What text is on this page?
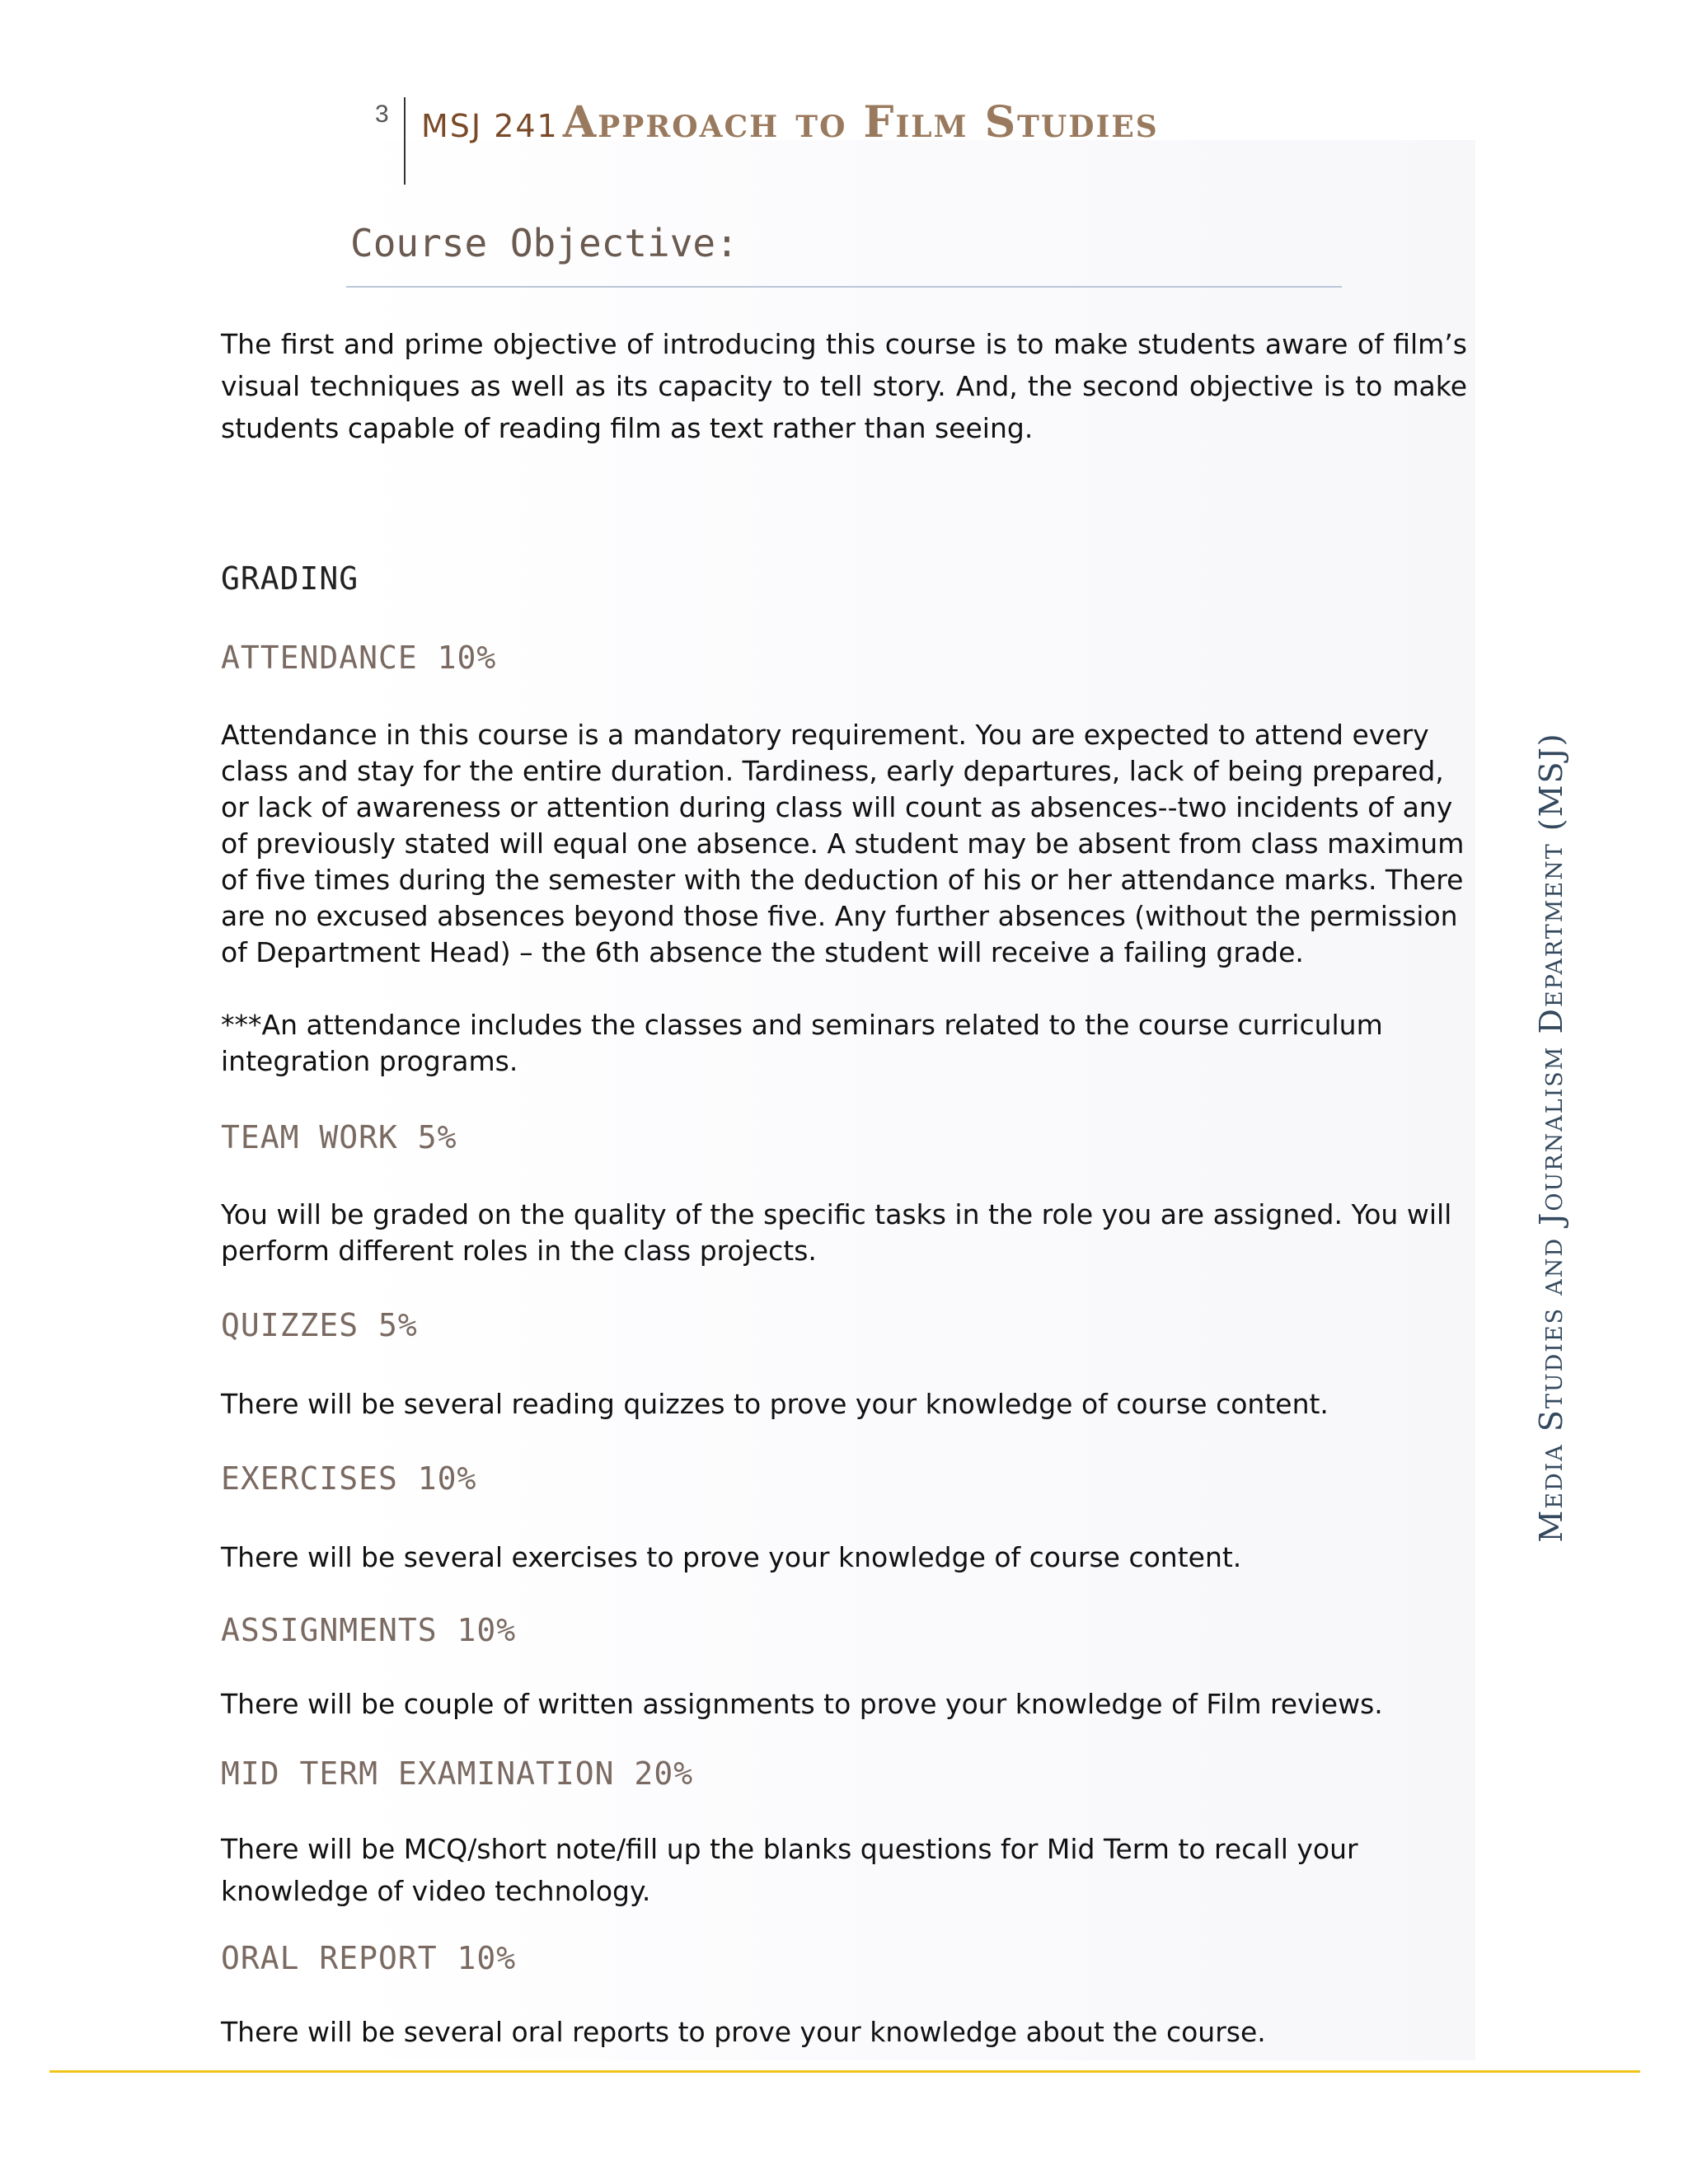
3 MSJ 241 Approach to Film Studies
Course Objective:
The first and prime objective of introducing this course is to make students aware of film’s visual techniques as well as its capacity to tell story. And, the second objective is to make students capable of reading film as text rather than seeing.
GRADING
ATTENDANCE 10%
Attendance in this course is a mandatory requirement. You are expected to attend every class and stay for the entire duration. Tardiness, early departures, lack of being prepared, or lack of awareness or attention during class will count as absences--two incidents of any of previously stated will equal one absence. A student may be absent from class maximum of five times during the semester with the deduction of his or her attendance marks. There are no excused absences beyond those five. Any further absences (without the permission of Department Head) – the 6th absence the student will receive a failing grade.
***An attendance includes the classes and seminars related to the course curriculum integration programs.
TEAM WORK 5%
You will be graded on the quality of the specific tasks in the role you are assigned. You will perform different roles in the class projects.
QUIZZES 5%
There will be several reading quizzes to prove your knowledge of course content.
EXERCISES 10%
There will be several exercises to prove your knowledge of course content.
ASSIGNMENTS 10%
There will be couple of written assignments to prove your knowledge of Film reviews.
MID TERM EXAMINATION 20%
There will be MCQ/short note/fill up the blanks questions for Mid Term to recall your knowledge of video technology.
ORAL REPORT 10%
There will be several oral reports to prove your knowledge about the course.
Media Studies and Journalism Department (MSJ)
